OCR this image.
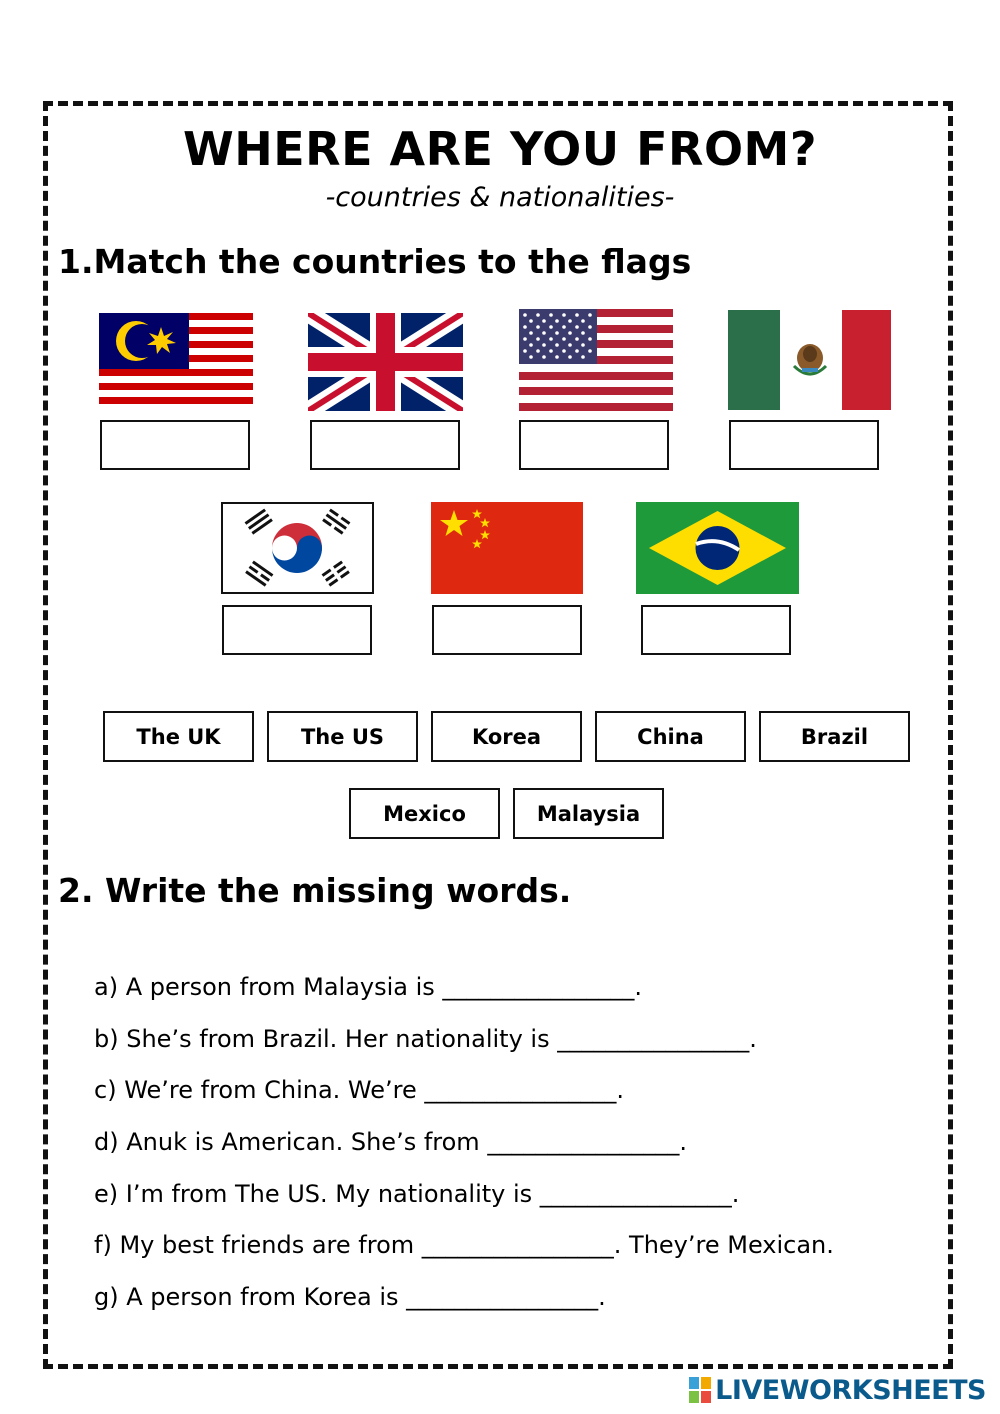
WHERE ARE YOU FROM?
-countries & nationalities-
1.Match the countries to the flags
The UK	The US	Korea	China	Brazil
Mexico	Malaysia
2. Write the missing words.
a) A person from Malaysia is ________________.
b) She’s from Brazil. Her nationality is ________________.
c) We’re from China. We’re ________________.
d) Anuk is American. She’s from ________________.
e) I’m from The US. My nationality is ________________.
f) My best friends are from ________________. They’re Mexican.
g) A person from Korea is ________________.
LIVEWORKSHEETS
